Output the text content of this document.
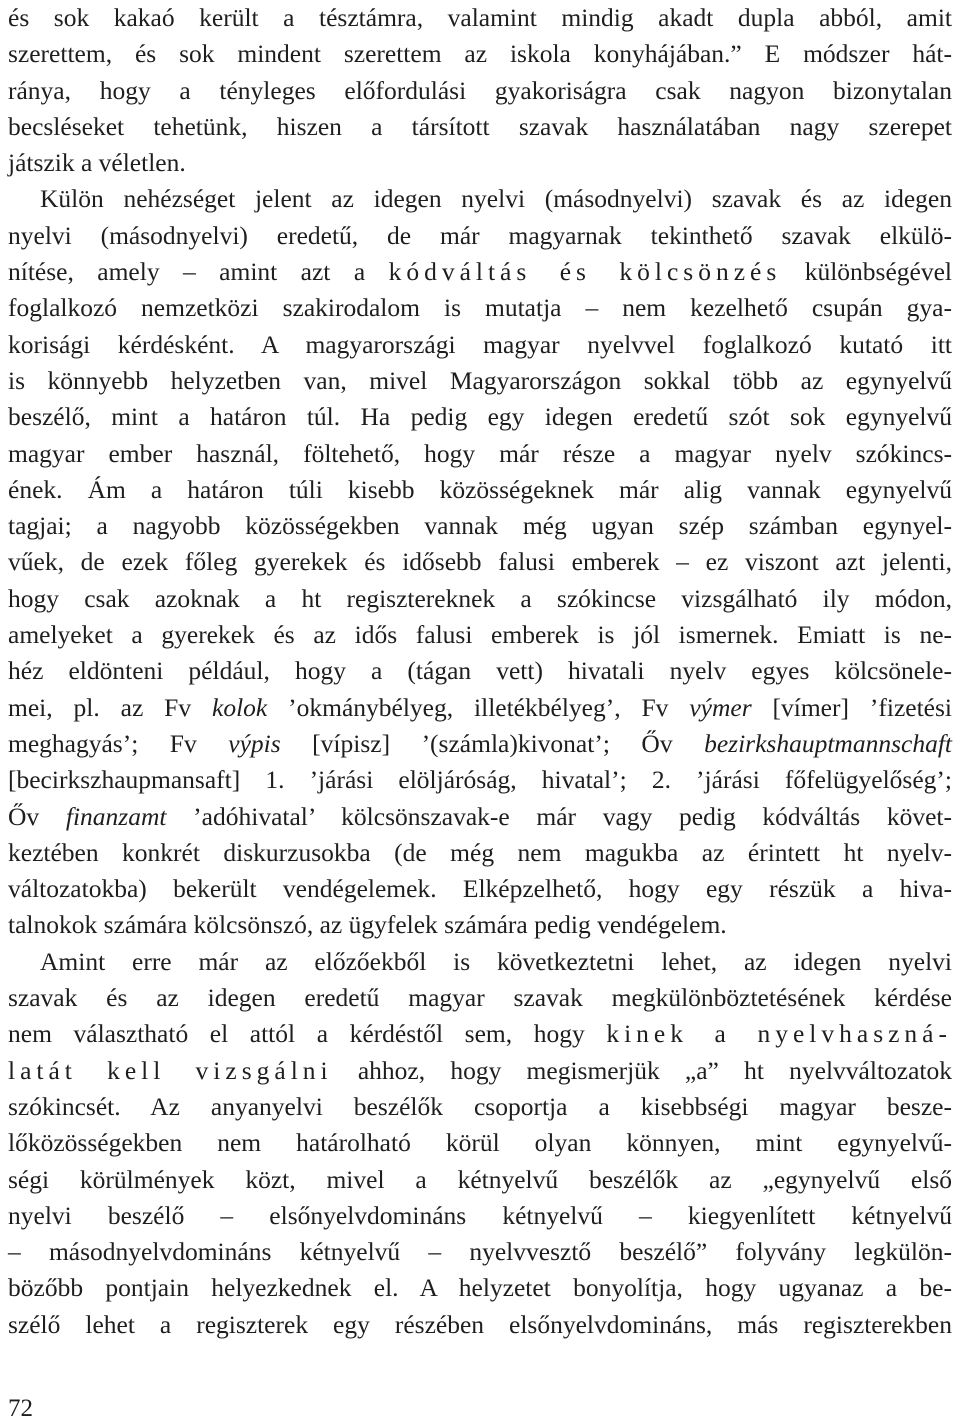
és sok kakaó került a tésztámra, valamint mindig akadt dupla abból, amit
szerettem, és sok mindent szerettem az iskola konyhájában.” E módszer hát-
ránya, hogy a tényleges előfordulási gyakoriságra csak nagyon bizonytalan
becsléseket tehetünk, hiszen a társított szavak használatában nagy szerepet
játszik a véletlen.
Külön nehézséget jelent az idegen nyelvi (másodnyelvi) szavak és az idegen
nyelvi (másodnyelvi) eredetű, de már magyarnak tekinthető szavak elkülö-
nítése, amely – amint azt a kódváltás és kölcsönzés különbségével
foglalkozó nemzetközi szakirodalom is mutatja – nem kezelhető csupán gya-
korisági kérdésként. A magyarországi magyar nyelvvel foglalkozó kutató itt
is könnyebb helyzetben van, mivel Magyarországon sokkal több az egynyelvű
beszélő, mint a határon túl. Ha pedig egy idegen eredetű szót sok egynyelvű
magyar ember használ, föltehető, hogy már része a magyar nyelv szókincs-
ének. Ám a határon túli kisebb közösségeknek már alig vannak egynyelvű
tagjai; a nagyobb közösségekben vannak még ugyan szép számban egynyel-
vűek, de ezek főleg gyerekek és idősebb falusi emberek – ez viszont azt jelenti,
hogy csak azoknak a ht regisztereknek a szókincse vizsgálható ily módon,
amelyeket a gyerekek és az idős falusi emberek is jól ismernek. Emiatt is ne-
héz eldönteni például, hogy a (tágan vett) hivatali nyelv egyes kölcsönele-
mei, pl. az Fv kolok ’okmánybélyeg, illetékbélyeg’, Fv výmer [vímer] ’fizetési
meghagyás’; Fv výpis [vípisz] ’(számla)kivonat’; Őv bezirkshauptmannschaft
[becirkszhaupmansaft] 1. ’járási elöljáróság, hivatal’; 2. ’járási főfelügyelőség’;
Őv finanzamt ’adóhivatal’ kölcsönszavak-e már vagy pedig kódváltás követ-
keztében konkrét diskurzusokba (de még nem magukba az érintett ht nyelv-
változatokba) bekerült vendégelemek. Elképzelhető, hogy egy részük a hiva-
talnokok számára kölcsönszó, az ügyfelek számára pedig vendégelem.
Amint erre már az előzőekből is következtetni lehet, az idegen nyelvi
szavak és az idegen eredetű magyar szavak megkülönböztetésének kérdése
nem választható el attól a kérdéstől sem, hogy kinek a nyelvhaszná-
latát kell vizsgálni ahhoz, hogy megismerjük „a” ht nyelvváltozatok
szókincsét. Az anyanyelvi beszélők csoportja a kisebbségi magyar besze-
lőközösségekben nem határolható körül olyan könnyen, mint egynyelvű-
ségi körülmények közt, mivel a kétnyelvű beszélők az „egynyelvű első
nyelvi beszélő – elsőnyelvdomináns kétnyelvű – kiegyenlített kétnyelvű
– másodnyelvdomináns kétnyelvű – nyelvvesztő beszélő” folyvány legkülön-
bözőbb pontjain helyezkednek el. A helyzetet bonyolítja, hogy ugyanaz a be-
szélő lehet a regiszterek egy részében elsőnyelvdomináns, más regiszterekben
72
